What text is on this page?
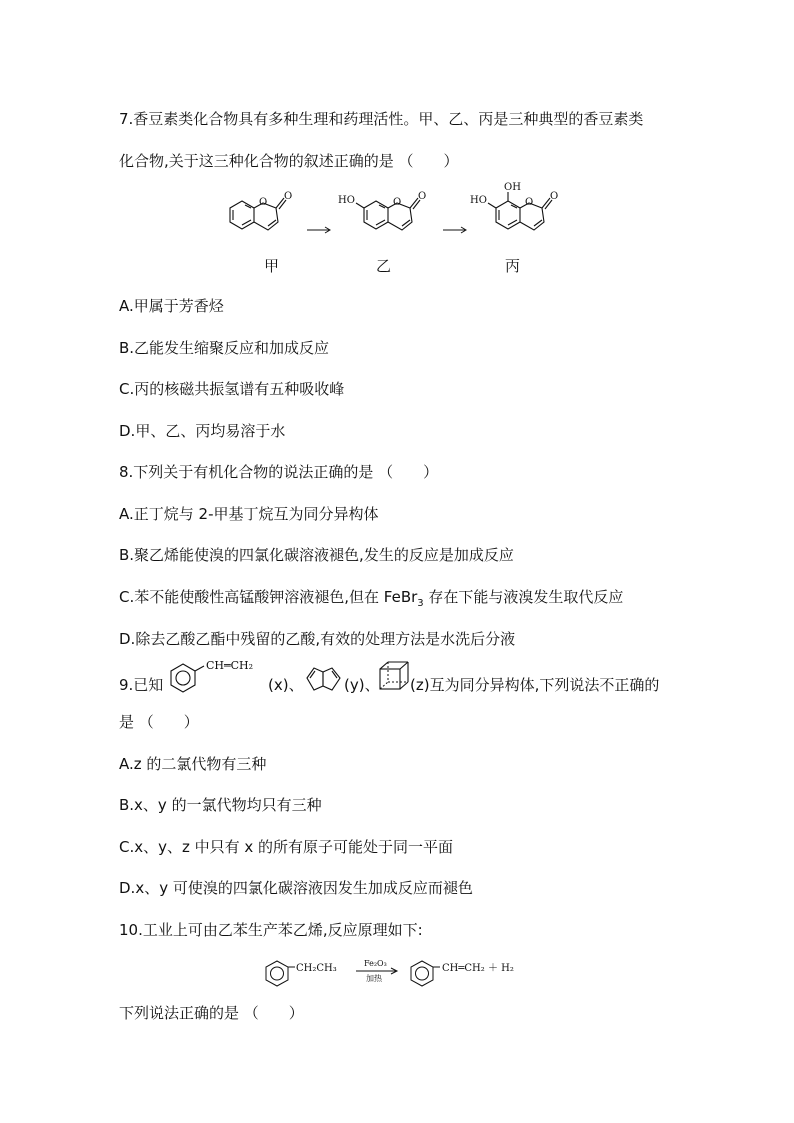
7.香豆素类化合物具有多种生理和药理活性。甲、乙、丙是三种典型的香豆素类
化合物,关于这三种化合物的叙述正确的是 （　　）
O
O	HO	O
O	HO
OH
O
O
甲	乙	丙
A.甲属于芳香烃
B.乙能发生缩聚反应和加成反应
C.丙的核磁共振氢谱有五种吸收峰
D.甲、乙、丙均易溶于水
8.下列关于有机化合物的说法正确的是 （　　）
A.正丁烷与 2-甲基丁烷互为同分异构体
B.聚乙烯能使溴的四氯化碳溶液褪色,发生的反应是加成反应
C.苯不能使酸性高锰酸钾溶液褪色,但在 FeBr$_3$ 存在下能与液溴发生取代反应
D.除去乙酸乙酯中残留的乙酸,有效的处理方法是水洗后分液
9.已知
CH═CH₂
(x)、	(y)、 (z)互为同分异构体,下列说法不正确的
是 （　　）
A.z 的二氯代物有三种
B.x、y 的一氯代物均只有三种
C.x、y、z 中只有 x 的所有原子可能处于同一平面
D.x、y 可使溴的四氯化碳溶液因发生加成反应而褪色
10.工业上可由乙苯生产苯乙烯,反应原理如下:
CH₂CH₃	Fe₂O₃
加热
CH═CH₂ ＋ H₂
下列说法正确的是 （　　）
